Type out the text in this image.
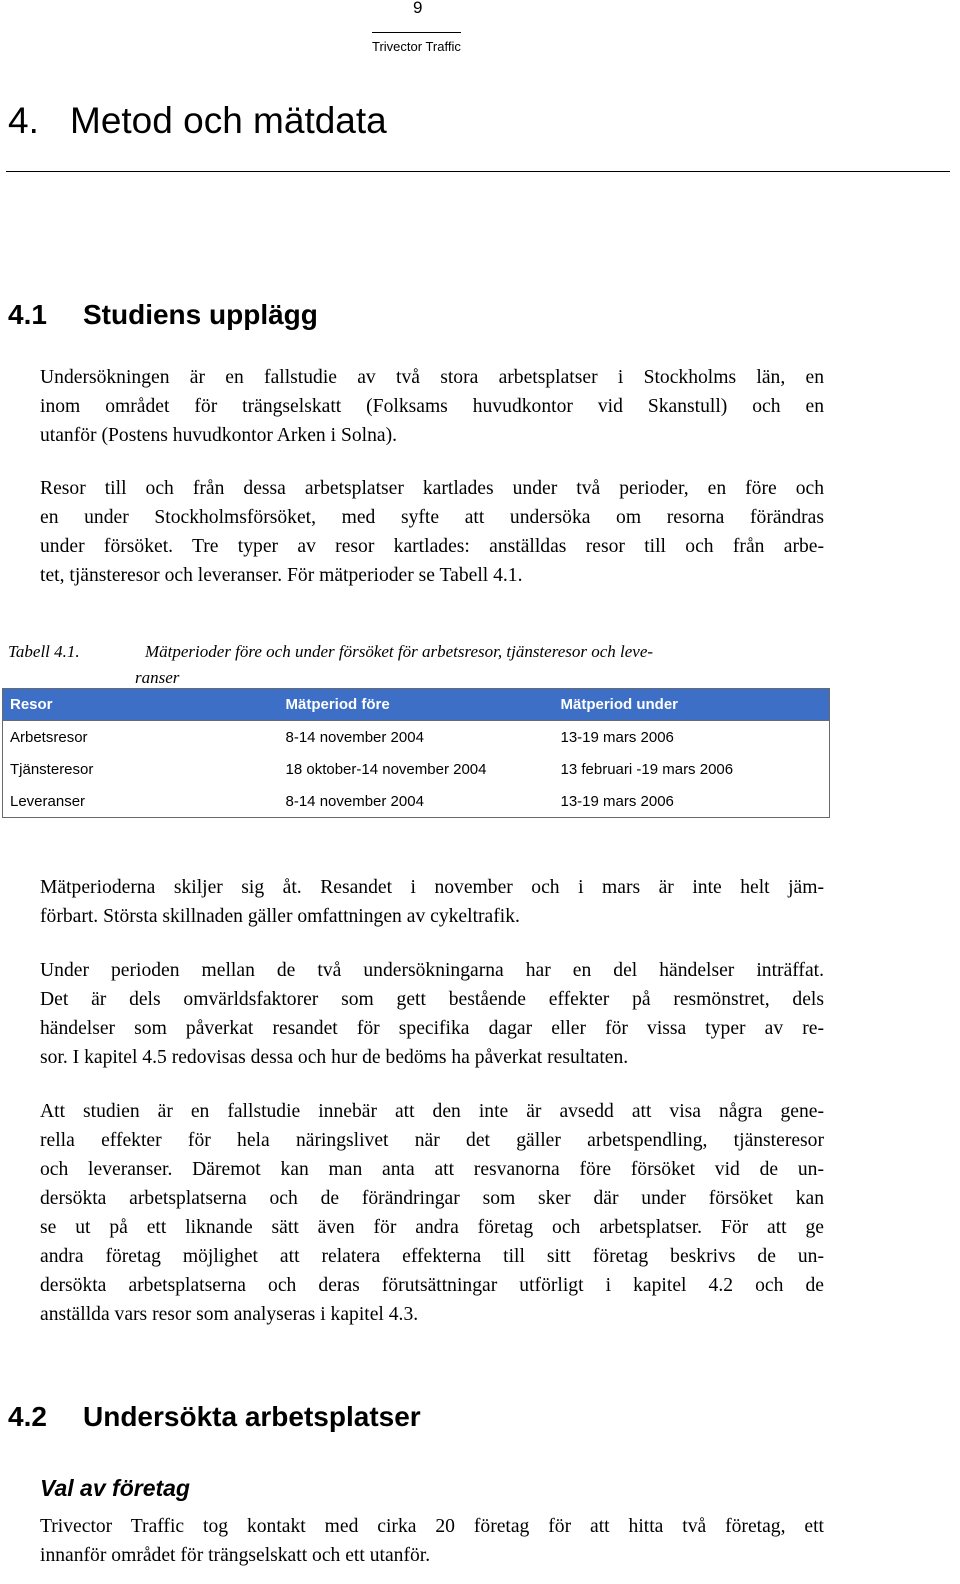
9
Trivector Traffic
4. Metod och mätdata
4.1 Studiens upplägg
Undersökningen är en fallstudie av två stora arbetsplatser i Stockholms län, en
inom området för trängselskatt (Folksams huvudkontor vid Skanstull) och en
utanför (Postens huvudkontor Arken i Solna).
Resor till och från dessa arbetsplatser kartlades under två perioder, en före och
en under Stockholmsförsöket, med syfte att undersöka om resorna förändras
under försöket. Tre typer av resor kartlades: anställdas resor till och från arbe-
tet, tjänsteresor och leveranser. För mätperioder se Tabell 4.1.
Tabell 4.1.	Mätperioder före och under försöket för arbetsresor, tjänsteresor och leve-
ranser
Resor	Mätperiod före	Mätperiod under
Arbetsresor	8-14 november 2004	13-19 mars 2006
Tjänsteresor	18 oktober-14 november 2004	13 februari -19 mars 2006
Leveranser	8-14 november 2004	13-19 mars 2006
Mätperioderna skiljer sig åt. Resandet i november och i mars är inte helt jäm-
förbart. Största skillnaden gäller omfattningen av cykeltrafik.
Under perioden mellan de två undersökningarna har en del händelser inträffat.
Det är dels omvärldsfaktorer som gett bestående effekter på resmönstret, dels
händelser som påverkat resandet för specifika dagar eller för vissa typer av re-
sor. I kapitel 4.5 redovisas dessa och hur de bedöms ha påverkat resultaten.
Att studien är en fallstudie innebär att den inte är avsedd att visa några gene-
rella effekter för hela näringslivet när det gäller arbetspendling, tjänsteresor
och leveranser. Däremot kan man anta att resvanorna före försöket vid de un-
dersökta arbetsplatserna och de förändringar som sker där under försöket kan
se ut på ett liknande sätt även för andra företag och arbetsplatser. För att ge
andra företag möjlighet att relatera effekterna till sitt företag beskrivs de un-
dersökta arbetsplatserna och deras förutsättningar utförligt i kapitel 4.2 och de
anställda vars resor som analyseras i kapitel 4.3.
4.2 Undersökta arbetsplatser
Val av företag
Trivector Traffic tog kontakt med cirka 20 företag för att hitta två företag, ett
innanför området för trängselskatt och ett utanför.
